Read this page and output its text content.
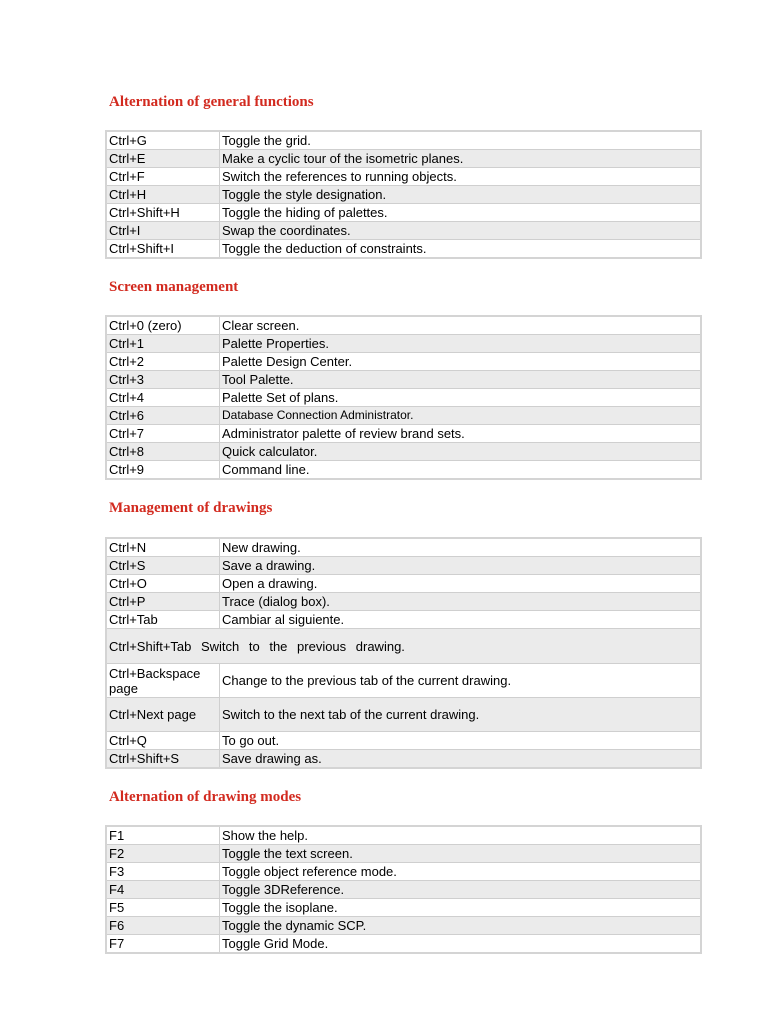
Alternation of general functions
Ctrl+G	Toggle the grid.
Ctrl+E	Make a cyclic tour of the isometric planes.
Ctrl+F	Switch the references to running objects.
Ctrl+H	Toggle the style designation.
Ctrl+Shift+H	Toggle the hiding of palettes.
Ctrl+I	Swap the coordinates.
Ctrl+Shift+I	Toggle the deduction of constraints.
Screen management
Ctrl+0 (zero)	Clear screen.
Ctrl+1	Palette Properties.
Ctrl+2	Palette Design Center.
Ctrl+3	Tool Palette.
Ctrl+4	Palette Set of plans.
Ctrl+6	Database Connection Administrator.
Ctrl+7	Administrator palette of review brand sets.
Ctrl+8	Quick calculator.
Ctrl+9	Command line.
Management of drawings
Ctrl+N	New drawing.
Ctrl+S	Save a drawing.
Ctrl+O	Open a drawing.
Ctrl+P	Trace (dialog box).
Ctrl+Tab	Cambiar al siguiente.
Ctrl+Shift+Tab Switch to the previous drawing.	
Ctrl+Backspace page	Change to the previous tab of the current drawing.
Ctrl+Next page	Switch to the next tab of the current drawing.
Ctrl+Q	To go out.
Ctrl+Shift+S	Save drawing as.
Alternation of drawing modes
F1	Show the help.
F2	Toggle the text screen.
F3	Toggle object reference mode.
F4	Toggle 3DReference.
F5	Toggle the isoplane.
F6	Toggle the dynamic SCP.
F7	Toggle Grid Mode.
